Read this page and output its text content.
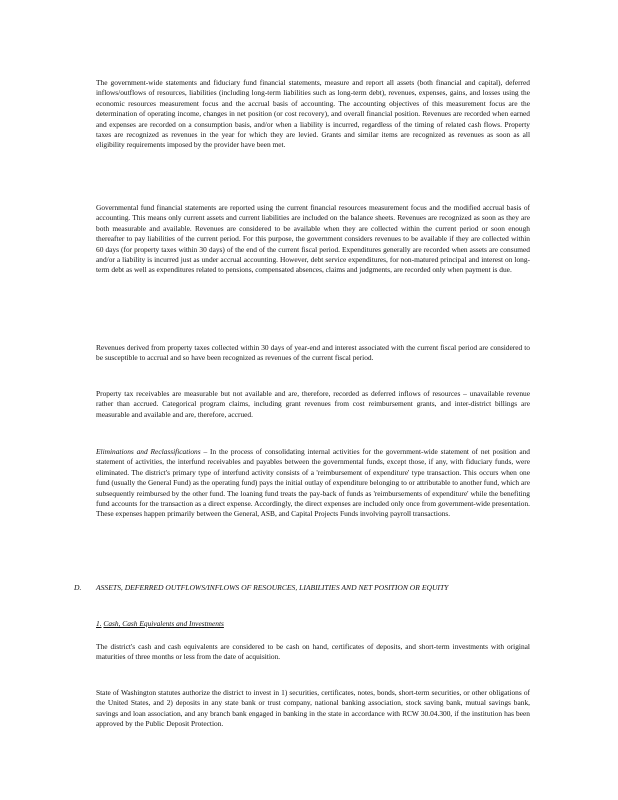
The government-wide statements and fiduciary fund financial statements, measure and report all assets (both financial and capital), deferred inflows/outflows of resources, liabilities (including long-term liabilities such as long-term debt), revenues, expenses, gains, and losses using the economic resources measurement focus and the accrual basis of accounting. The accounting objectives of this measurement focus are the determination of operating income, changes in net position (or cost recovery), and overall financial position. Revenues are recorded when earned and expenses are recorded on a consumption basis, and/or when a liability is incurred, regardless of the timing of related cash flows. Property taxes are recognized as revenues in the year for which they are levied. Grants and similar items are recognized as revenues as soon as all eligibility requirements imposed by the provider have been met.

Governmental fund financial statements are reported using the current financial resources measurement focus and the modified accrual basis of accounting. This means only current assets and current liabilities are included on the balance sheets. Revenues are recognized as soon as they are both measurable and available. Revenues are considered to be available when they are collected within the current period or soon enough thereafter to pay liabilities of the current period. For this purpose, the government considers revenues to be available if they are collected within 60 days (for property taxes within 30 days) of the end of the current fiscal period. Expenditures generally are recorded when assets are consumed and/or a liability is incurred just as under accrual accounting. However, debt service expenditures, for non-matured principal and interest on long-term debt as well as expenditures related to pensions, compensated absences, claims and judgments, are recorded only when payment is due.

Revenues derived from property taxes collected within 30 days of year-end and interest associated with the current fiscal period are considered to be susceptible to accrual and so have been recognized as revenues of the current fiscal period.

Property tax receivables are measurable but not available and are, therefore, recorded as deferred inflows of resources – unavailable revenue rather than accrued. Categorical program claims, including grant revenues from cost reimbursement grants, and inter-district billings are measurable and available and are, therefore, accrued.

Eliminations and Reclassifications – In the process of consolidating internal activities for the government-wide statement of net position and statement of activities, the interfund receivables and payables between the governmental funds, except those, if any, with fiduciary funds, were eliminated. The district's primary type of interfund activity consists of a 'reimbursement of expenditure' type transaction. This occurs when one fund (usually the General Fund) as the operating fund) pays the initial outlay of expenditure belonging to or attributable to another fund, which are subsequently reimbursed by the other fund. The loaning fund treats the pay-back of funds as 'reimbursements of expenditure' while the benefiting fund accounts for the transaction as a direct expense. Accordingly, the direct expenses are included only once from government-wide presentation. These expenses happen primarily between the General, ASB, and Capital Projects Funds involving payroll transactions.

D. ASSETS, DEFERRED OUTFLOWS/INFLOWS OF RESOURCES, LIABILITIES AND NET POSITION OR EQUITY
1. Cash, Cash Equivalents and Investments

The district's cash and cash equivalents are considered to be cash on hand, certificates of deposits, and short-term investments with original maturities of three months or less from the date of acquisition.

State of Washington statutes authorize the district to invest in 1) securities, certificates, notes, bonds, short-term securities, or other obligations of the United States, and 2) deposits in any state bank or trust company, national banking association, stock saving bank, mutual savings bank, savings and loan association, and any branch bank engaged in banking in the state in accordance with RCW 30.04.300, if the institution has been approved by the Public Deposit Protection.
